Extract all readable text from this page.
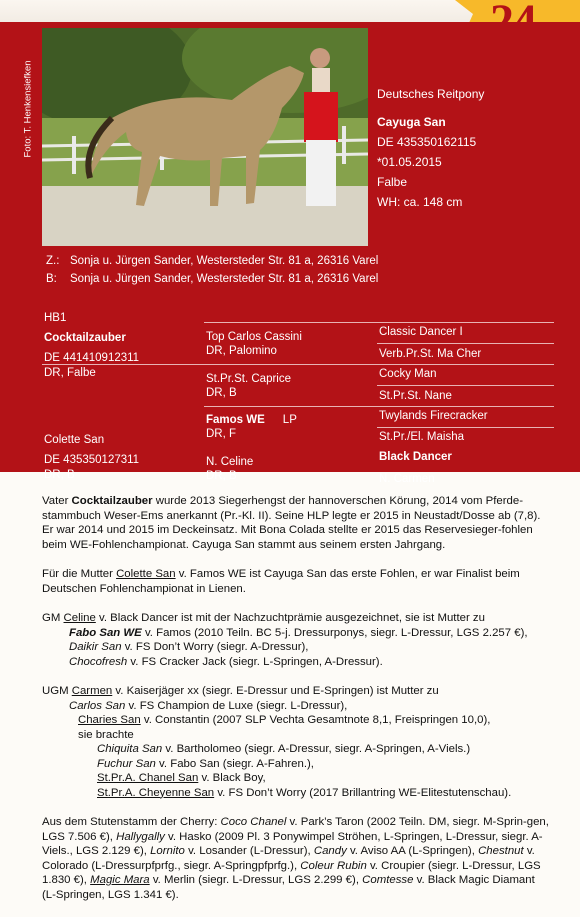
Foto: T. Henkensiefken	Deutsches Reitpony
Cayuga San
DE 435350162115
*01.05.2015
Falbe
WH: ca. 148 cm
Z.: Sonja u. Jürgen Sander, Westersteder Str. 81 a, 26316 Varel
B: Sonja u. Jürgen Sander, Westersteder Str. 81 a, 26316 Varel
HB1
Cocktailzauber
DE 441410912311
DR, Falbe
Colette San
DE 435350127311
DR, B
Top Carlos Cassini
DR, Palomino
St.Pr.St. Caprice
DR, B
Famos WE LP
DR, F
N. Celine
DR, B
Classic Dancer I
Verb.Pr.St. Ma Cher
Cocky Man
St.Pr.St. Nane
Twylands Firecracker
St.Pr./El. Maisha
Black Dancer
N. Carmen

Vater Cocktailzauber wurde 2013 Siegerhengst der hannoverschen Körung, 2014 vom Pferde-stammbuch Weser-Ems anerkannt (Pr.-Kl. II). Seine HLP legte er 2015 in Neustadt/Dosse ab (7,8). Er war 2014 und 2015 im Deckeinsatz. Mit Bona Colada stellte er 2015 das Reservesieger-fohlen beim WE-Fohlenchampionat. Cayuga San stammt aus seinem ersten Jahrgang.

Für die Mutter Colette San v. Famos WE ist Cayuga San das erste Fohlen, er war Finalist beim Deutschen Fohlenchampionat in Lienen.

GM Celine v. Black Dancer ist mit der Nachzuchtprämie ausgezeichnet, sie ist Mutter zu

Fabo San WE v. Famos (2010 Teiln. BC 5-j. Dressurponys, siegr. L-Dressur, LGS 2.257 €),
Daikir San v. FS Don’t Worry (siegr. A-Dressur),
Chocofresh v. FS Cracker Jack (siegr. L-Springen, A-Dressur).

UGM Carmen v. Kaiserjäger xx (siegr. E-Dressur und E-Springen) ist Mutter zu

Carlos San v. FS Champion de Luxe (siegr. L-Dressur),
Charies San v. Constantin (2007 SLP Vechta Gesamtnote 8,1, Freispringen 10,0),
sie brachte
Chiquita San v. Bartholomeo (siegr. A-Dressur, siegr. A-Springen, A-Viels.)
Fuchur San v. Fabo San (siegr. A-Fahren.),
St.Pr.A. Chanel San v. Black Boy,
St.Pr.A. Cheyenne San v. FS Don’t Worry (2017 Brillantring WE-Elitestutenschau).

Aus dem Stutenstamm der Cherry: Coco Chanel v. Park’s Taron (2002 Teiln. DM, siegr. M-Sprin-gen, LGS 7.506 €), Hallygally v. Hasko (2009 Pl. 3 Ponywimpel Ströhen, L-Springen, L-Dressur, siegr. A-Viels., LGS 2.129 €), Lornito v. Losander (L-Dressur), Candy v. Aviso AA (L-Springen), Chestnut v. Colorado (L-Dressurpfprfg., siegr. A-Springpfprfg.), Coleur Rubin v. Croupier (siegr. L-Dressur, LGS 1.830 €), Magic Mara v. Merlin (siegr. L-Dressur, LGS 2.299 €), Comtesse v. Black Magic Diamant (L-Springen, LGS 1.341 €).
